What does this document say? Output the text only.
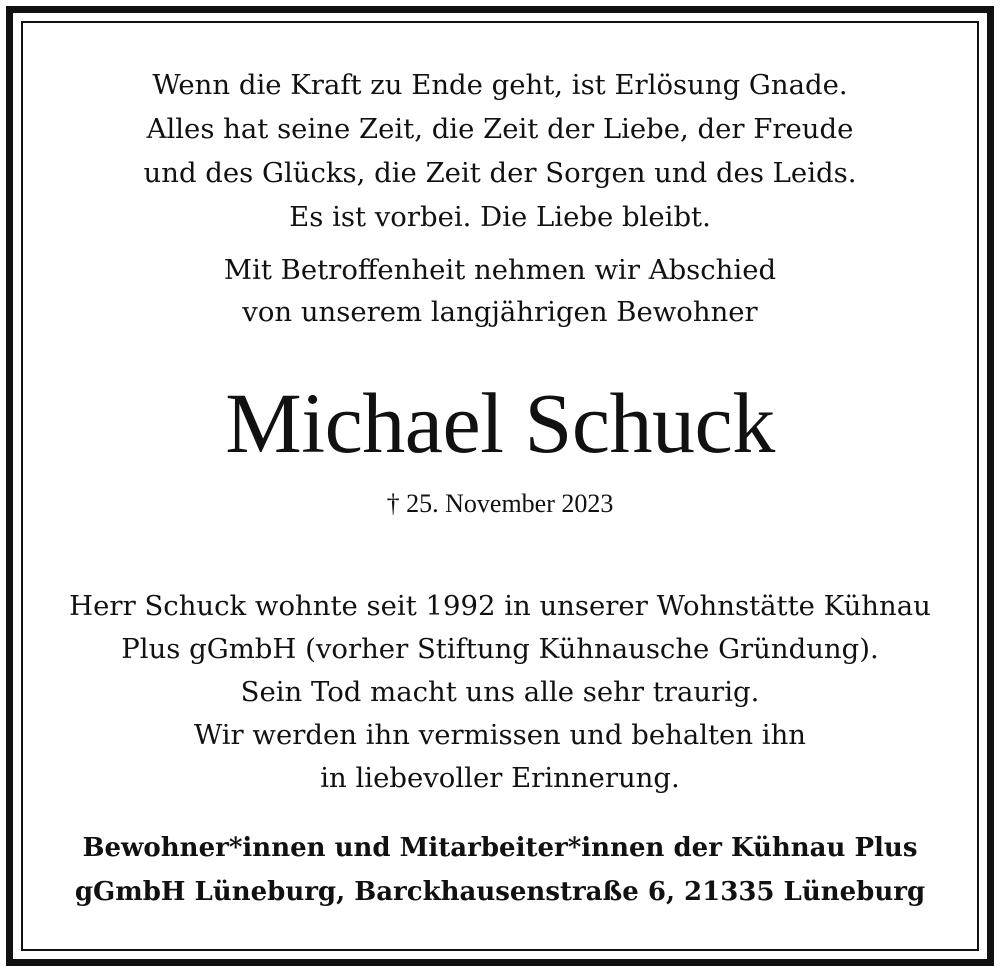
Wenn die Kraft zu Ende geht, ist Erlösung Gnade.
Alles hat seine Zeit, die Zeit der Liebe, der Freude
und des Glücks, die Zeit der Sorgen und des Leids.
Es ist vorbei. Die Liebe bleibt.
Mit Betroffenheit nehmen wir Abschied
von unserem langjährigen Bewohner
Michael Schuck
† 25. November 2023
Herr Schuck wohnte seit 1992 in unserer Wohnstätte Kühnau
Plus gGmbH (vorher Stiftung Kühnausche Gründung).
Sein Tod macht uns alle sehr traurig.
Wir werden ihn vermissen und behalten ihn
in liebevoller Erinnerung.
Bewohner*innen und Mitarbeiter*innen der Kühnau Plus
gGmbH Lüneburg, Barckhausenstraße 6, 21335 Lüneburg
